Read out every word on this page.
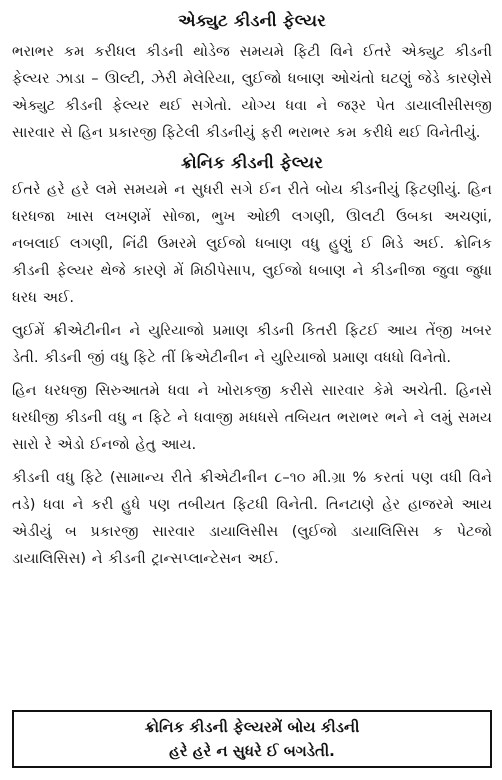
એક્યુટ કીડની ફેલ્યર

ભરાભર કમ કરીધલ કીડની થોડેજ સમયમે ફિટી વિને ઈતરે એક્યુટ કીડની ફેલ્યર ઝાડા – ઊલ્ટી, ઝેરી મેલેરિયા, લુઈજો ધબાણ ઓચંતો ઘટણું જેડે કારણેસે એક્યુટ કીડની ફેલ્યર થઈ સગેતો. યોગ્ય ધવા ને જરૂર પેત ડાયાલીસીસજી સારવાર સે હિન પ્રકારજી ફિટેલી કીડનીયું ફરી ભરાભર કમ કરીધે થઈ વિનેતીયું.

ક્રોનિક કીડની ફેલ્યર

ઈતરે હરે હરે લમે સમયમે ન સુધરી સગે ઈન રીતે બોય કીડનીયું ફિટણીયું. હિન ધરધજા ખાસ લખણમેં સોજા, ભુખ ઓછી લગણી, ઊલટી ઉબકા અચણાં, નબલાઈ લગણી, નિંઢી ઉમરમે લુઈજો ધબાણ વધુ હુણું ઈ મિડે અઈ. ક્રોનિક કીડની ફેલ્યર થેજે કારણે મેં મિઠીપેસાપ, લુઈજો ધબાણ ને કીડનીજા જુવા જુધા ધરધ અઈ.

લુઈમેં ક્રીએટીનીન ને યુરિયાજો પ્રમાણ કીડની કિતરી ફિટઈ આય તેંજી ખબર ડેતી. કીડની જીં વધુ ફિટે તીં ક્રિએટીનીન ને યુરિયાજો પ્રમાણ વધધો વિનેતો.

હિન ધરધજી સિરુઆતમે ધવા ને ખોરાકજી કરીસે સારવાર કેમે અચેતી. હિનસે ધરધીજી કીડની વધુ ન ફિટે ને ધવાજી મધધસે તબિયત ભરાભર ભને ને લમું સમય સારો રે એડો ઈનજો હેતુ આય.

કીડની વધુ ફિટે (સામાન્ય રીતે ક્રીએટીનીન ૮–૧૦ મી.ગ્રા % કરતાં પણ વધી વિને તડે) ધવા ને કરી હુધે પણ તબીયત ફિટધી વિનેતી. તિનટાણે હેર હાજરમે આય એડીયું બ પ્રકારજી સારવાર ડાયાલિસીસ (લુઈજો ડાયાલિસિસ ક પેટજો ડાયાલિસિસ) ને કીડની ટ્રાન્સપ્લાન્ટેસન અઈ.

ક્રોનિક કીડની ફેલ્યરમેં બોય કીડની
હરે હરે ન સુધરે ઈ બગડેતી.
